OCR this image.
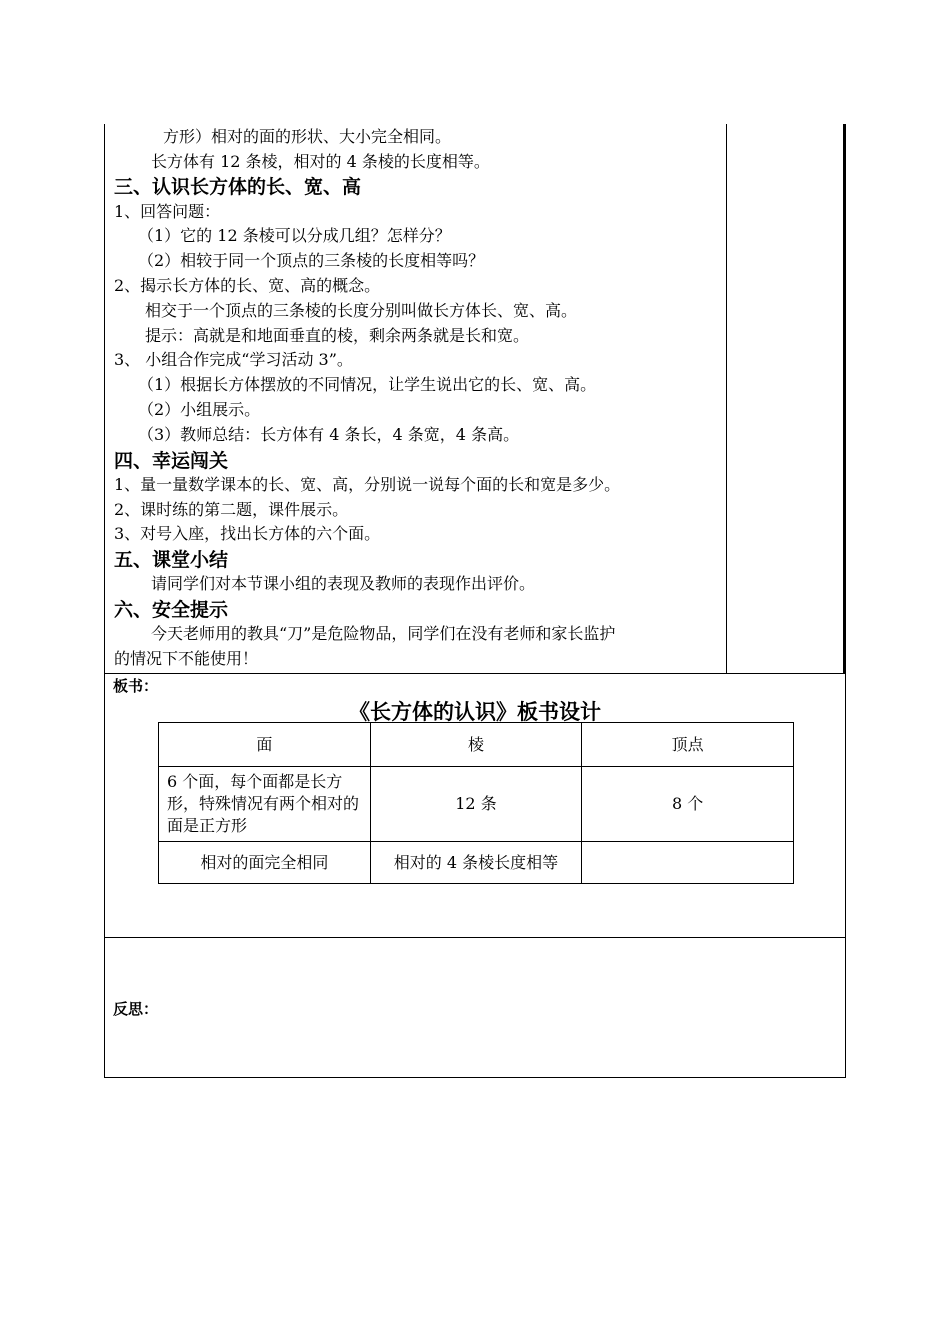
方形）相对的面的形状、大小完全相同。
长方体有 12 条棱，相对的 4 条棱的长度相等。
三、认识长方体的长、宽、高
1、回答问题：
（1）它的 12 条棱可以分成几组？怎样分？
（2）相较于同一个顶点的三条棱的长度相等吗？
2、揭示长方体的长、宽、高的概念。
相交于一个顶点的三条棱的长度分别叫做长方体长、宽、高。
提示：高就是和地面垂直的棱，剩余两条就是长和宽。
3、 小组合作完成“学习活动 3”。
（1）根据长方体摆放的不同情况，让学生说出它的长、宽、高。
（2）小组展示。
（3）教师总结：长方体有 4 条长，4 条宽，4 条高。
四、幸运闯关
1、量一量数学课本的长、宽、高，分别说一说每个面的长和宽是多少。
2、课时练的第二题，课件展示。
3、对号入座，找出长方体的六个面。
五、课堂小结
请同学们对本节课小组的表现及教师的表现作出评价。
六、安全提示
今天老师用的教具“刀”是危险物品，同学们在没有老师和家长监护
的情况下不能使用！
板书：
《长方体的认识》板书设计
面	棱	顶点
6 个面，每个面都是长方形，特殊情况有两个相对的面是正方形	12 条	8 个
相对的面完全相同	相对的 4 条棱长度相等	
反思：
